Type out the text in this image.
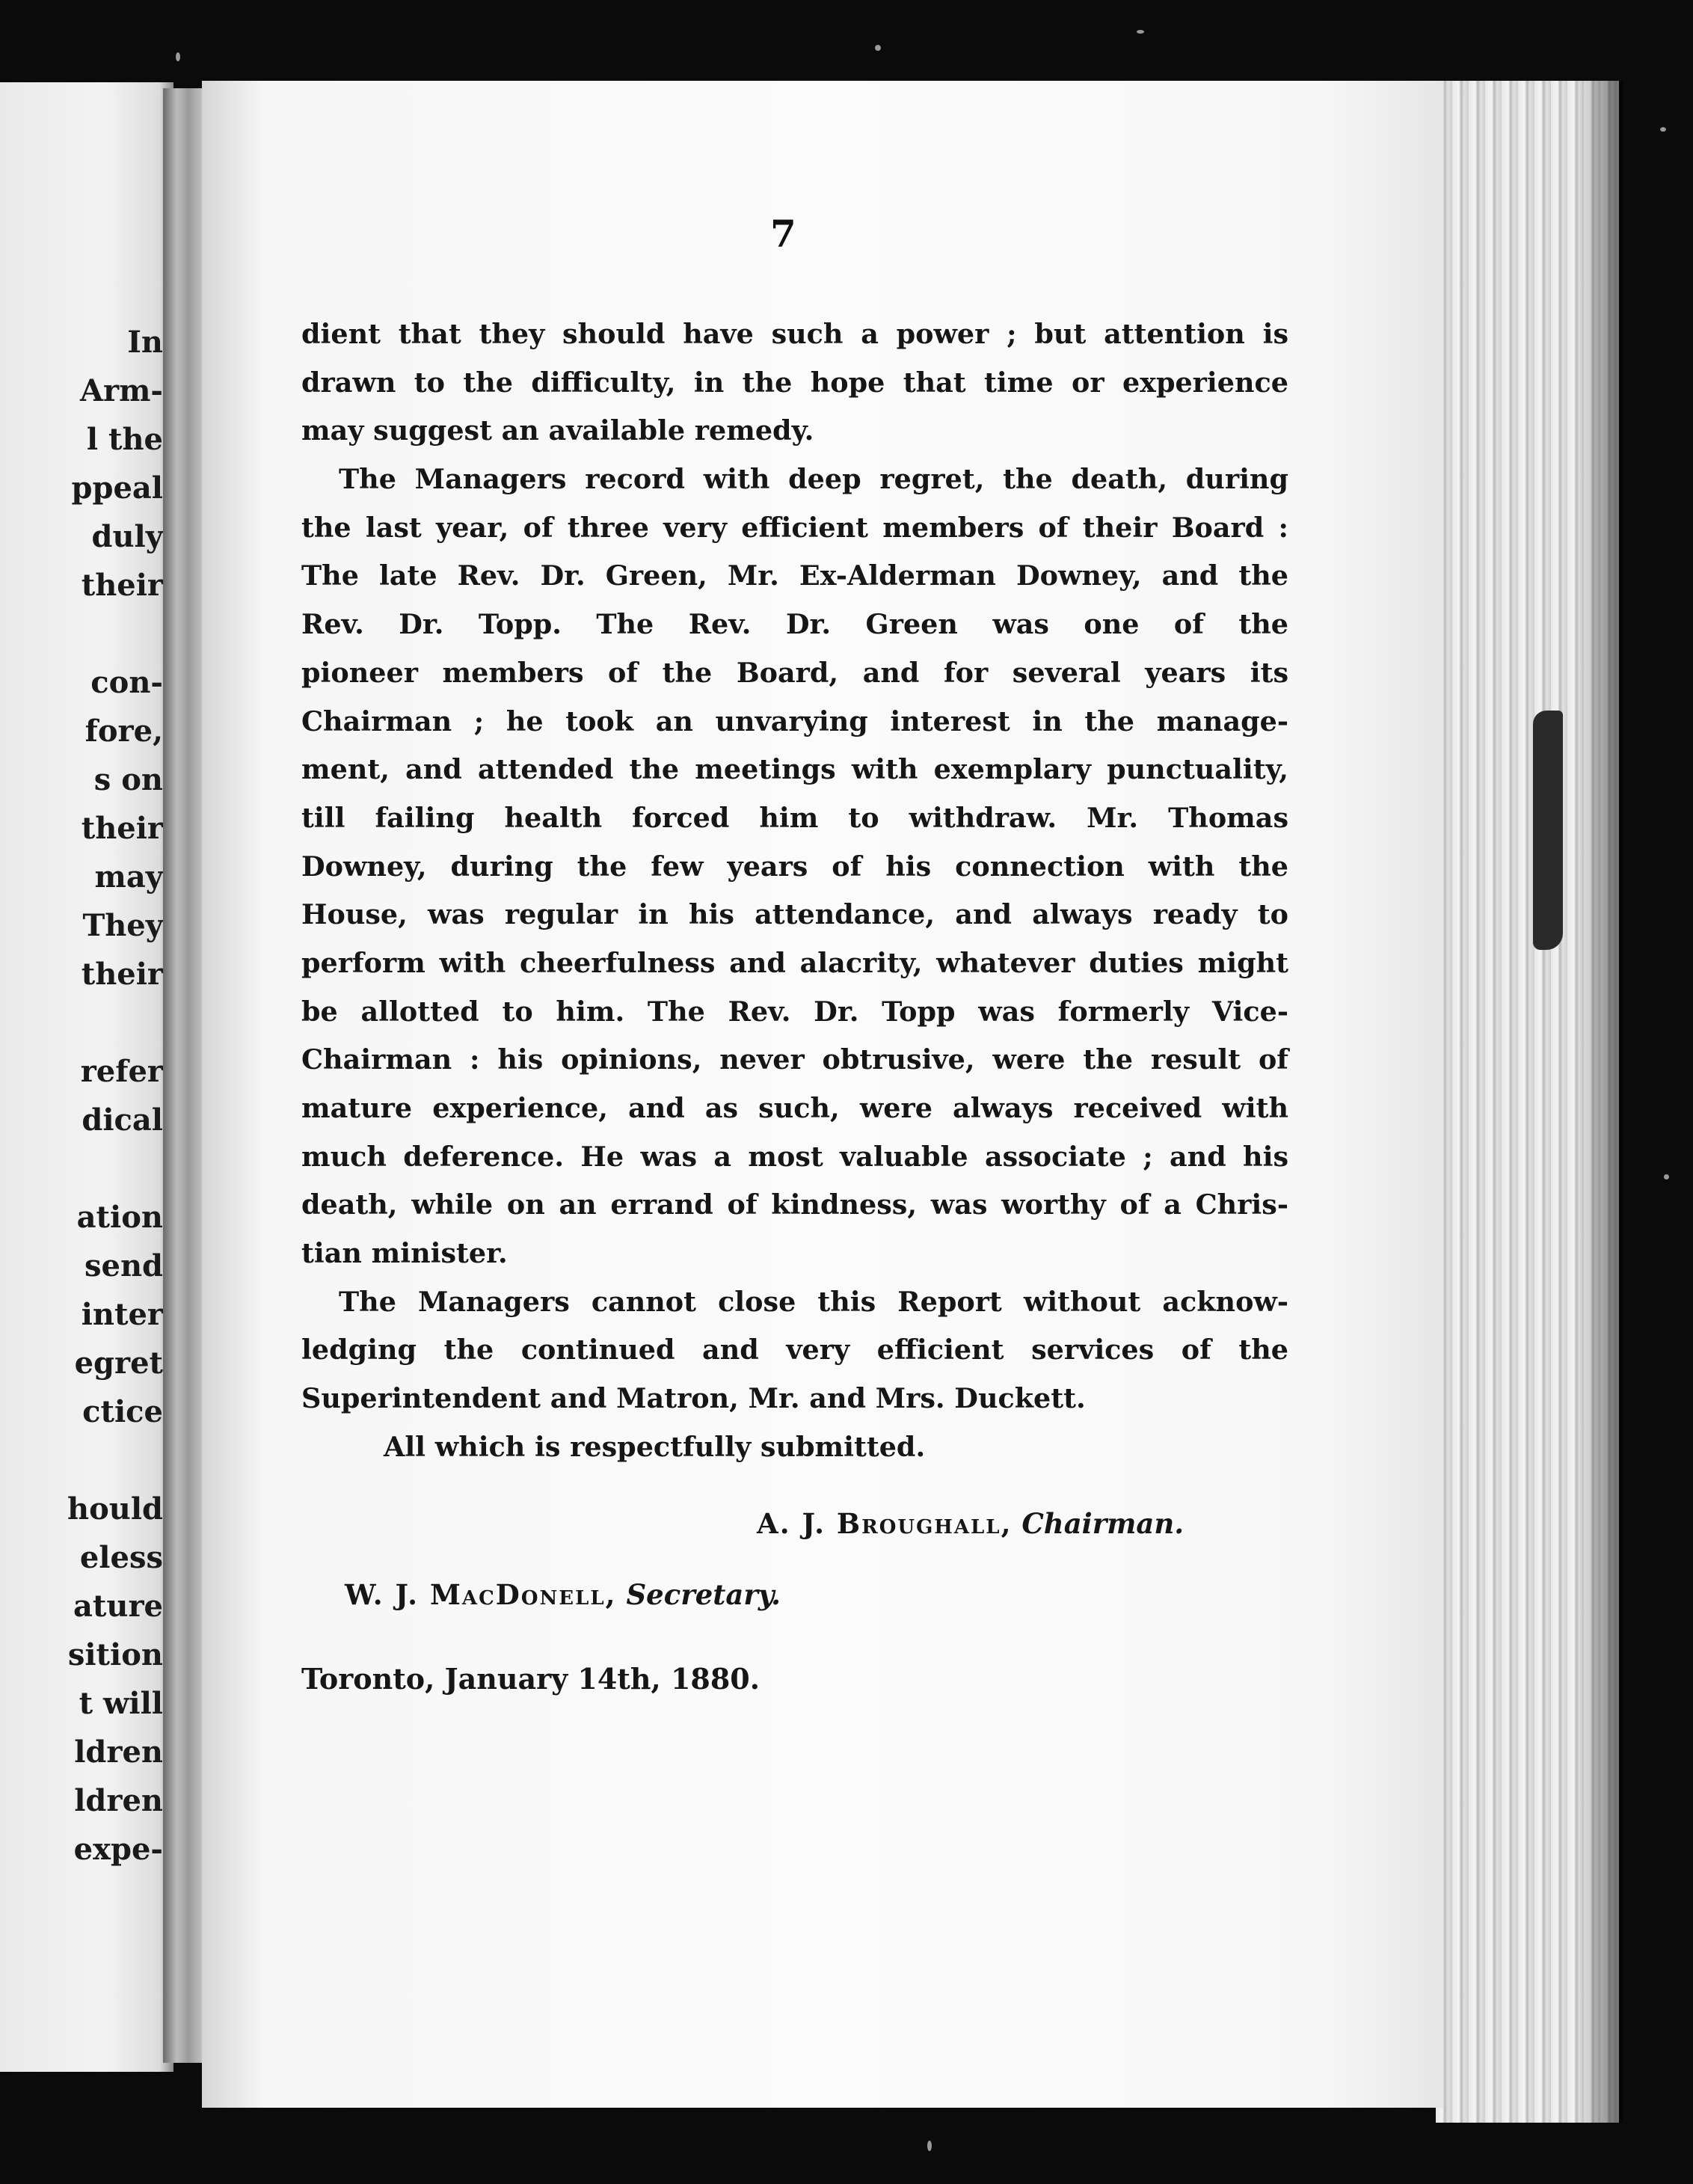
In
Arm-
l the
ppeal
duly
their
con-
fore,
s on
their
may
They
their
refer
dical
ation
send
inter
egret
ctice
hould
eless
ature
sition
t will
ldren
ldren
expe-
7
dient that they should have such a power ; but attention is
drawn to the difficulty, in the hope that time or experience
may suggest an available remedy.
The Managers record with deep regret, the death, during
the last year, of three very efficient members of their Board :
The late Rev. Dr. Green, Mr. Ex-Alderman Downey, and the
Rev. Dr. Topp. The Rev. Dr. Green was one of the
pioneer members of the Board, and for several years its
Chairman ; he took an unvarying interest in the manage-
ment, and attended the meetings with exemplary punctuality,
till failing health forced him to withdraw. Mr. Thomas
Downey, during the few years of his connection with the
House, was regular in his attendance, and always ready to
perform with cheerfulness and alacrity, whatever duties might
be allotted to him. The Rev. Dr. Topp was formerly Vice-
Chairman : his opinions, never obtrusive, were the result of
mature experience, and as such, were always received with
much deference. He was a most valuable associate ; and his
death, while on an errand of kindness, was worthy of a Chris-
tian minister.
The Managers cannot close this Report without acknow-
ledging the continued and very efficient services of the
Superintendent and Matron, Mr. and Mrs. Duckett.
All which is respectfully submitted.
A. J. Broughall, Chairman.
W. J. MacDonell, Secretary.
Toronto, January 14th, 1880.
